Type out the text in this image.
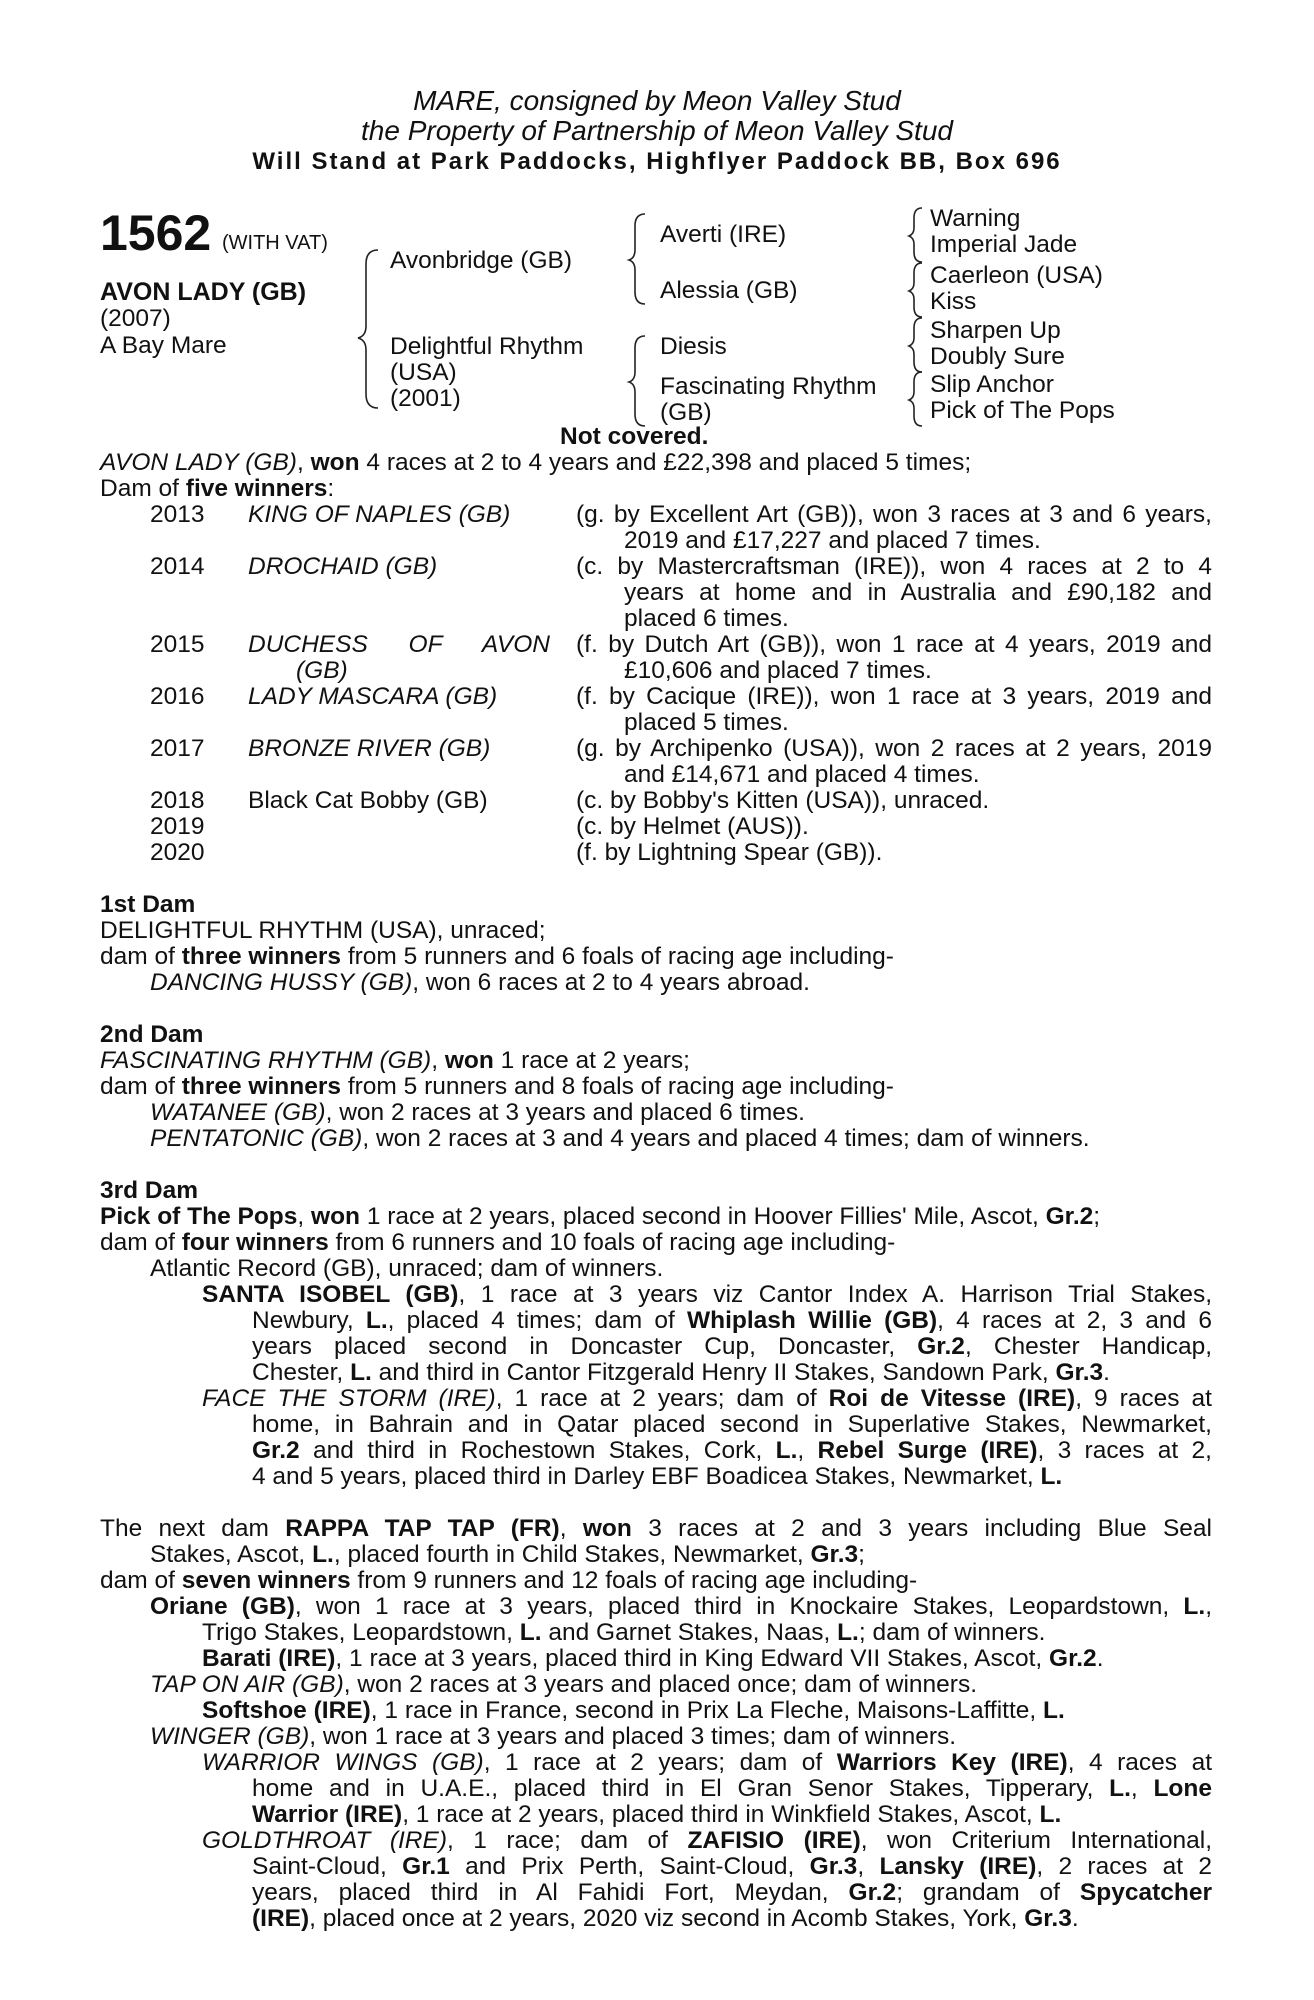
MARE, consigned by Meon Valley Stud
the Property of Partnership of Meon Valley Stud
Will Stand at Park Paddocks, Highflyer Paddock BB, Box 696
1562 (WITH VAT)
AVON LADY (GB)
(2007)
A Bay Mare
Avonbridge (GB)
Delightful Rhythm
(USA)
(2001)
Averti (IRE)
Alessia (GB)
Diesis
Fascinating Rhythm
(GB)
Warning
Imperial Jade
Caerleon (USA)
Kiss
Sharpen Up
Doubly Sure
Slip Anchor
Pick of The Pops
Not covered.
AVON LADY (GB), won 4 races at 2 to 4 years and £22,398 and placed 5 times;
Dam of five winners:
2013 KING OF NAPLES (GB)	(g. by Excellent Art (GB)), won 3 races at 3 and 6 years,
2019 and £17,227 and placed 7 times.
2014 DROCHAID (GB)	(c. by Mastercraftsman (IRE)), won 4 races at 2 to 4
years at home and in Australia and £90,182 and
placed 6 times.
2015 DUCHESS OF AVON
(GB)
(f. by Dutch Art (GB)), won 1 race at 4 years, 2019 and
£10,606 and placed 7 times.
2016 LADY MASCARA (GB)	(f. by Cacique (IRE)), won 1 race at 3 years, 2019 and
placed 5 times.
2017 BRONZE RIVER (GB)	(g. by Archipenko (USA)), won 2 races at 2 years, 2019
and £14,671 and placed 4 times.
2018 Black Cat Bobby (GB)	(c. by Bobby's Kitten (USA)), unraced.
2019	(c. by Helmet (AUS)).
2020	(f. by Lightning Spear (GB)).
1st Dam
DELIGHTFUL RHYTHM (USA), unraced;
dam of three winners from 5 runners and 6 foals of racing age including-
DANCING HUSSY (GB), won 6 races at 2 to 4 years abroad.
2nd Dam
FASCINATING RHYTHM (GB), won 1 race at 2 years;
dam of three winners from 5 runners and 8 foals of racing age including-
WATANEE (GB), won 2 races at 3 years and placed 6 times.
PENTATONIC (GB), won 2 races at 3 and 4 years and placed 4 times; dam of winners.
3rd Dam
Pick of The Pops, won 1 race at 2 years, placed second in Hoover Fillies' Mile, Ascot, Gr.2;
dam of four winners from 6 runners and 10 foals of racing age including-
Atlantic Record (GB), unraced; dam of winners.
SANTA ISOBEL (GB), 1 race at 3 years viz Cantor Index A. Harrison Trial Stakes,
Newbury, L., placed 4 times; dam of Whiplash Willie (GB), 4 races at 2, 3 and 6
years placed second in Doncaster Cup, Doncaster, Gr.2, Chester Handicap,
Chester, L. and third in Cantor Fitzgerald Henry II Stakes, Sandown Park, Gr.3.
FACE THE STORM (IRE), 1 race at 2 years; dam of Roi de Vitesse (IRE), 9 races at
home, in Bahrain and in Qatar placed second in Superlative Stakes, Newmarket,
Gr.2 and third in Rochestown Stakes, Cork, L., Rebel Surge (IRE), 3 races at 2,
4 and 5 years, placed third in Darley EBF Boadicea Stakes, Newmarket, L.
The next dam RAPPA TAP TAP (FR), won 3 races at 2 and 3 years including Blue Seal
Stakes, Ascot, L., placed fourth in Child Stakes, Newmarket, Gr.3;
dam of seven winners from 9 runners and 12 foals of racing age including-
Oriane (GB), won 1 race at 3 years, placed third in Knockaire Stakes, Leopardstown, L.,
Trigo Stakes, Leopardstown, L. and Garnet Stakes, Naas, L.; dam of winners.
Barati (IRE), 1 race at 3 years, placed third in King Edward VII Stakes, Ascot, Gr.2.
TAP ON AIR (GB), won 2 races at 3 years and placed once; dam of winners.
Softshoe (IRE), 1 race in France, second in Prix La Fleche, Maisons-Laffitte, L.
WINGER (GB), won 1 race at 3 years and placed 3 times; dam of winners.
WARRIOR WINGS (GB), 1 race at 2 years; dam of Warriors Key (IRE), 4 races at
home and in U.A.E., placed third in El Gran Senor Stakes, Tipperary, L., Lone
Warrior (IRE), 1 race at 2 years, placed third in Winkfield Stakes, Ascot, L.
GOLDTHROAT (IRE), 1 race; dam of ZAFISIO (IRE), won Criterium International,
Saint-Cloud, Gr.1 and Prix Perth, Saint-Cloud, Gr.3, Lansky (IRE), 2 races at 2
years, placed third in Al Fahidi Fort, Meydan, Gr.2; grandam of Spycatcher
(IRE), placed once at 2 years, 2020 viz second in Acomb Stakes, York, Gr.3.
